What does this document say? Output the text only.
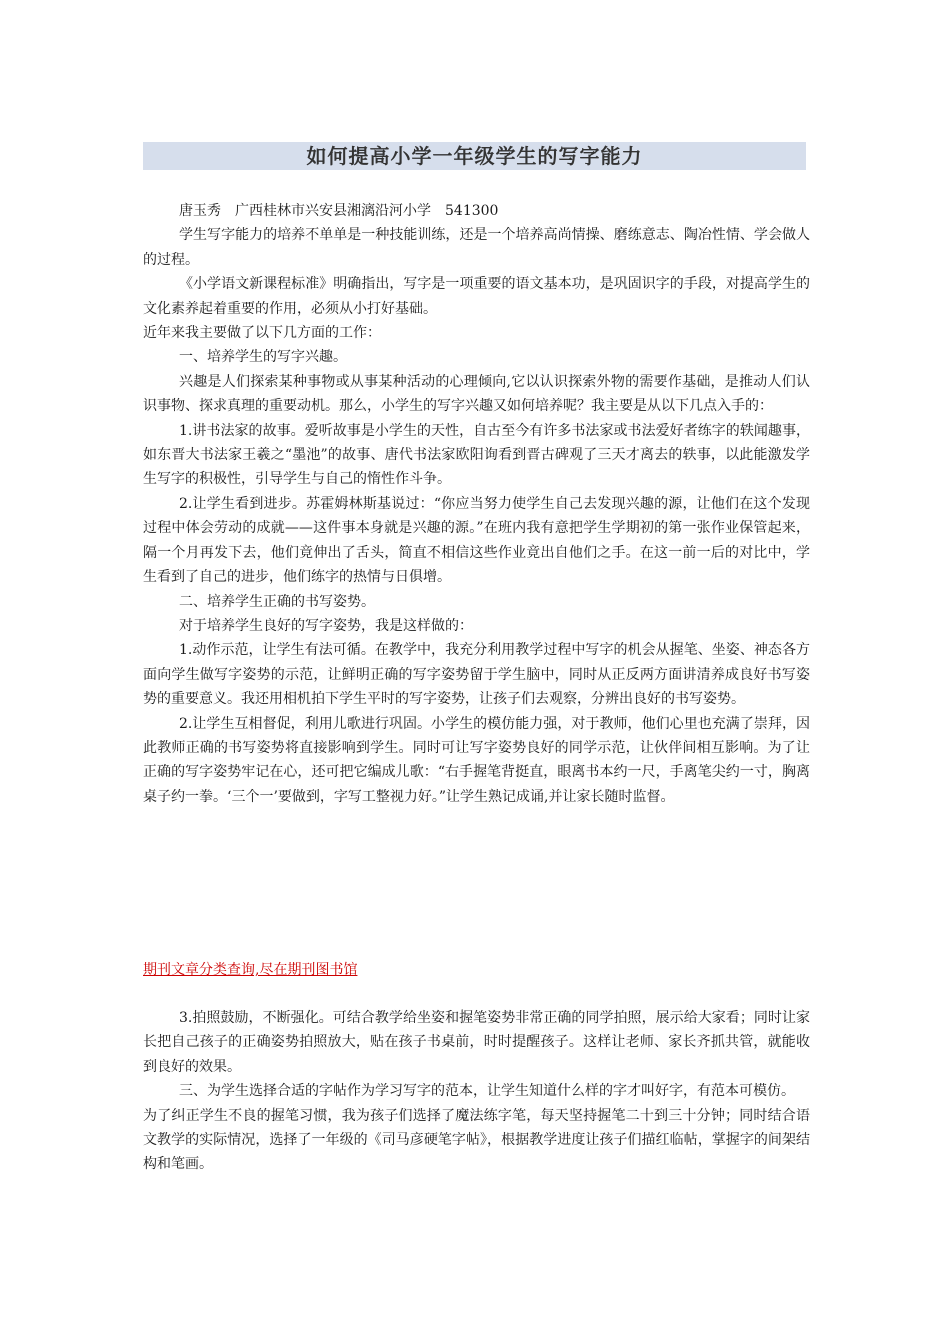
如何提高小学一年级学生的写字能力

唐玉秀　广西桂林市兴安县湘漓沿河小学　541300

学生写字能力的培养不单单是一种技能训练，还是一个培养高尚情操、磨练意志、陶冶性情、学会做人的过程。

《小学语文新课程标准》明确指出，写字是一项重要的语文基本功，是巩固识字的手段，对提高学生的文化素养起着重要的作用，必须从小打好基础。

近年来我主要做了以下几方面的工作：

一、培养学生的写字兴趣。

兴趣是人们探索某种事物或从事某种活动的心理倾向,它以认识探索外物的需要作基础，是推动人们认识事物、探求真理的重要动机。那么，小学生的写字兴趣又如何培养呢？我主要是从以下几点入手的：

1.讲书法家的故事。爱听故事是小学生的天性，自古至今有许多书法家或书法爱好者练字的轶闻趣事，如东晋大书法家王羲之“墨池”的故事、唐代书法家欧阳询看到晋古碑观了三天才离去的轶事，以此能激发学生写字的积极性，引导学生与自己的惰性作斗争。

2.让学生看到进步。苏霍姆林斯基说过：“你应当努力使学生自己去发现兴趣的源，让他们在这个发现过程中体会劳动的成就——这件事本身就是兴趣的源。”在班内我有意把学生学期初的第一张作业保管起来，隔一个月再发下去，他们竟伸出了舌头，简直不相信这些作业竟出自他们之手。在这一前一后的对比中，学生看到了自己的进步，他们练字的热情与日俱增。

二、培养学生正确的书写姿势。

对于培养学生良好的写字姿势，我是这样做的：

1.动作示范，让学生有法可循。在教学中，我充分利用教学过程中写字的机会从握笔、坐姿、神态各方面向学生做写字姿势的示范，让鲜明正确的写字姿势留于学生脑中，同时从正反两方面讲清养成良好书写姿势的重要意义。我还用相机拍下学生平时的写字姿势，让孩子们去观察，分辨出良好的书写姿势。

2.让学生互相督促，利用儿歌进行巩固。小学生的模仿能力强，对于教师，他们心里也充满了崇拜，因此教师正确的书写姿势将直接影响到学生。同时可让写字姿势良好的同学示范，让伙伴间相互影响。为了让正确的写字姿势牢记在心，还可把它编成儿歌：“右手握笔背挺直，眼离书本约一尺，手离笔尖约一寸，胸离桌子约一拳。‘三个一’要做到，字写工整视力好。”让学生熟记成诵,并让家长随时监督。

期刊文章分类查询,尽在期刊图书馆

3.拍照鼓励，不断强化。可结合教学给坐姿和握笔姿势非常正确的同学拍照，展示给大家看；同时让家长把自己孩子的正确姿势拍照放大，贴在孩子书桌前，时时提醒孩子。这样让老师、家长齐抓共管，就能收到良好的效果。

三、为学生选择合适的字帖作为学习写字的范本，让学生知道什么样的字才叫好字，有范本可模仿。

为了纠正学生不良的握笔习惯，我为孩子们选择了魔法练字笔，每天坚持握笔二十到三十分钟；同时结合语文教学的实际情况，选择了一年级的《司马彦硬笔字帖》，根据教学进度让孩子们描红临帖，掌握字的间架结构和笔画。
